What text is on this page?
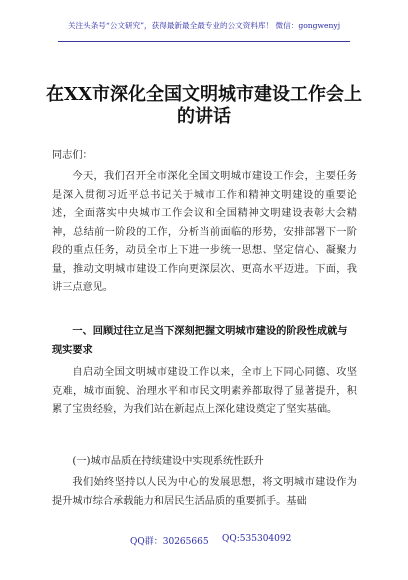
关注头条号“公文研究”，获得最新最全最专业的公文资料库！ 微信：gongwenyj
在XX市深化全国文明城市建设工作会上的讲话
同志们：
今天，我们召开全市深化全国文明城市建设工作会，主要任务是深入贯彻习近平总书记关于城市工作和精神文明建设的重要论述，全面落实中央城市工作会议和全国精神文明建设表彰大会精神，总结前一阶段的工作，分析当前面临的形势，安排部署下一阶段的重点任务，动员全市上下进一步统一思想、坚定信心、凝聚力量，推动文明城市建设工作向更深层次、更高水平迈进。下面，我讲三点意见。
一、回顾过往立足当下深刻把握文明城市建设的阶段性成就与现实要求
自启动全国文明城市建设工作以来，全市上下同心同德、攻坚克难，城市面貌、治理水平和市民文明素养都取得了显著提升，积累了宝贵经验，为我们站在新起点上深化建设奠定了坚实基础。
(一)城市品质在持续建设中实现系统性跃升
我们始终坚持以人民为中心的发展思想，将文明城市建设作为提升城市综合承载能力和居民生活品质的重要抓手。基础
QQ群：30265665 QQ:535304092
